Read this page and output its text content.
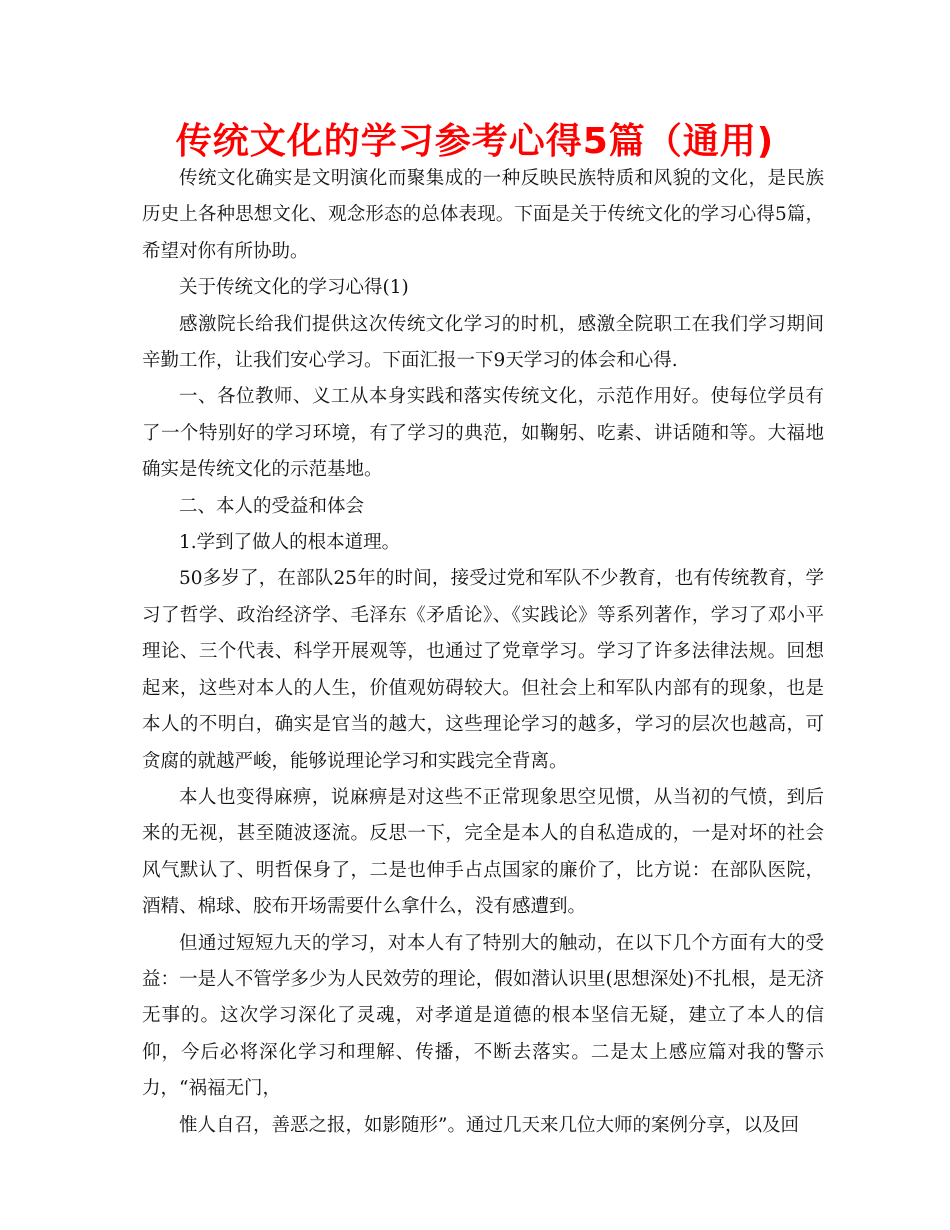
传统文化的学习参考心得5篇（通用)

传统文化确实是文明演化而聚集成的一种反映民族特质和风貌的文化，是民族历史上各种思想文化、观念形态的总体表现。下面是关于传统文化的学习心得5篇，希望对你有所协助。

关于传统文化的学习心得(1)

感激院长给我们提供这次传统文化学习的时机，感激全院职工在我们学习期间辛勤工作，让我们安心学习。下面汇报一下9天学习的体会和心得.

一、各位教师、义工从本身实践和落实传统文化，示范作用好。使每位学员有了一个特别好的学习环境，有了学习的典范，如鞠躬、吃素、讲话随和等。大福地确实是传统文化的示范基地。

二、本人的受益和体会

1.学到了做人的根本道理。

50多岁了，在部队25年的时间，接受过党和军队不少教育，也有传统教育，学习了哲学、政治经济学、毛泽东《矛盾论》、《实践论》等系列著作，学习了邓小平理论、三个代表、科学开展观等，也通过了党章学习。学习了许多法律法规。回想起来，这些对本人的人生，价值观妨碍较大。但社会上和军队内部有的现象，也是本人的不明白，确实是官当的越大，这些理论学习的越多，学习的层次也越高，可贪腐的就越严峻，能够说理论学习和实践完全背离。

本人也变得麻痹，说麻痹是对这些不正常现象思空见惯，从当初的气愤，到后来的无视，甚至随波逐流。反思一下，完全是本人的自私造成的，一是对坏的社会风气默认了、明哲保身了，二是也伸手占点国家的廉价了，比方说：在部队医院，酒精、棉球、胶布开场需要什么拿什么，没有感遭到。

但通过短短九天的学习，对本人有了特别大的触动，在以下几个方面有大的受益：一是人不管学多少为人民效劳的理论，假如潜认识里(思想深处)不扎根，是无济无事的。这次学习深化了灵魂，对孝道是道德的根本坚信无疑，建立了本人的信仰，今后必将深化学习和理解、传播，不断去落实。二是太上感应篇对我的警示力，“祸福无门，

惟人自召，善恶之报，如影随形”。通过几天来几位大师的案例分享，以及回
